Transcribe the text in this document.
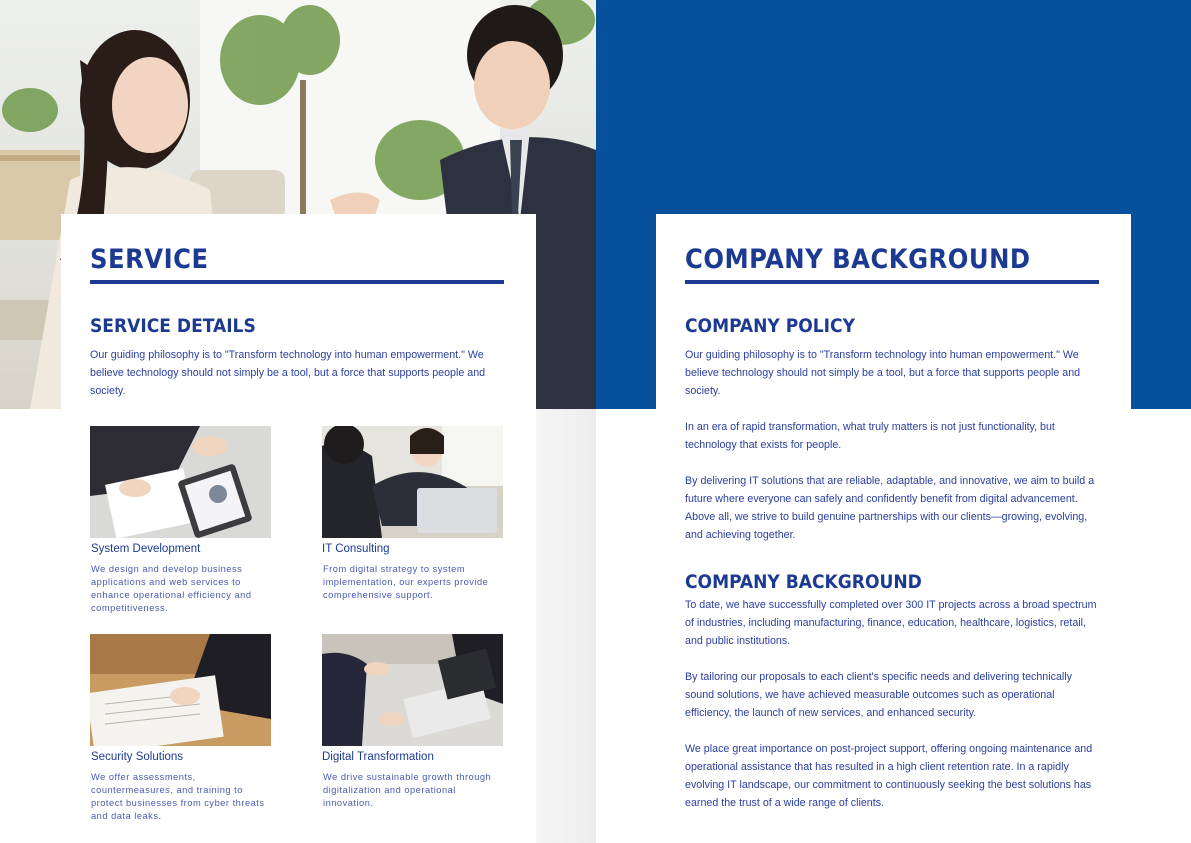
SERVICE
SERVICE DETAILS

Our guiding philosophy is to "Transform technology into human empowerment." We believe technology should not simply be a tool, but a force that supports people and society.

System Development

We design and develop business applications and web services to enhance operational efficiency and competitiveness.

IT Consulting

From digital strategy to system implementation, our experts provide comprehensive support.

Security Solutions

We offer assessments, countermeasures, and training to protect businesses from cyber threats and data leaks.

Digital Transformation

We drive sustainable growth through digitalization and operational innovation.

COMPANY BACKGROUND
COMPANY POLICY

Our guiding philosophy is to "Transform technology into human empowerment." We believe technology should not simply be a tool, but a force that supports people and society.

In an era of rapid transformation, what truly matters is not just functionality, but technology that exists for people.

By delivering IT solutions that are reliable, adaptable, and innovative, we aim to build a future where everyone can safely and confidently benefit from digital advancement. Above all, we strive to build genuine partnerships with our clients—growing, evolving, and achieving together.

COMPANY BACKGROUND

To date, we have successfully completed over 300 IT projects across a broad spectrum of industries, including manufacturing, finance, education, healthcare, logistics, retail, and public institutions.

By tailoring our proposals to each client's specific needs and delivering technically sound solutions, we have achieved measurable outcomes such as operational efficiency, the launch of new services, and enhanced security.

We place great importance on post-project support, offering ongoing maintenance and operational assistance that has resulted in a high client retention rate. In a rapidly evolving IT landscape, our commitment to continuously seeking the best solutions has earned the trust of a wide range of clients.
